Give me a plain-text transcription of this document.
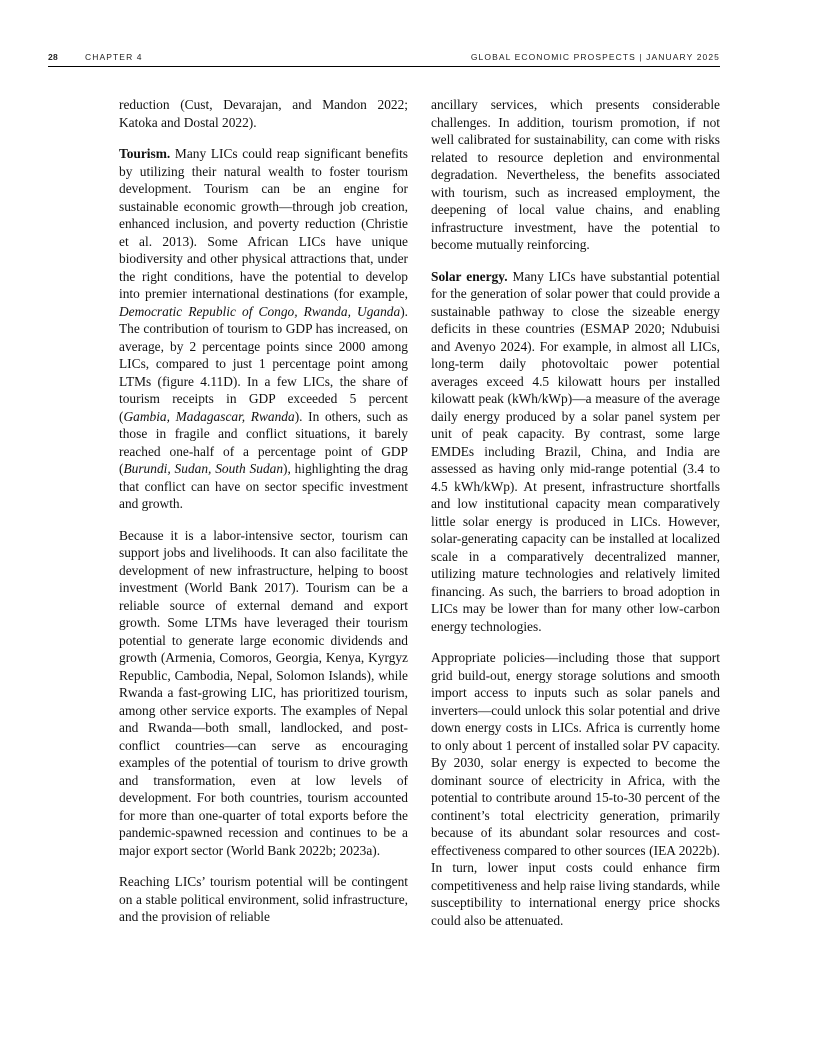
28	CHAPTER 4	GLOBAL ECONOMIC PROSPECTS | JANUARY 2025

reduction (Cust, Devarajan, and Mandon 2022; Katoka and Dostal 2022).

Tourism. Many LICs could reap significant benefits by utilizing their natural wealth to foster tourism development. Tourism can be an engine for sustainable economic growth—through job creation, enhanced inclusion, and poverty reduction (Christie et al. 2013). Some African LICs have unique biodiversity and other physical attractions that, under the right conditions, have the potential to develop into premier international destinations (for example, Democratic Republic of Congo, Rwanda, Uganda). The contribution of tourism to GDP has increased, on average, by 2 percentage points since 2000 among LICs, compared to just 1 percentage point among LTMs (figure 4.11D). In a few LICs, the share of tourism receipts in GDP exceeded 5 percent (Gambia, Madagascar, Rwanda). In others, such as those in fragile and conflict situations, it barely reached one-half of a percentage point of GDP (Burundi, Sudan, South Sudan), highlighting the drag that conflict can have on sector specific investment and growth.

Because it is a labor-intensive sector, tourism can support jobs and livelihoods. It can also facilitate the development of new infrastructure, helping to boost investment (World Bank 2017). Tourism can be a reliable source of external demand and export growth. Some LTMs have leveraged their tourism potential to generate large economic dividends and growth (Armenia, Comoros, Georgia, Kenya, Kyrgyz Republic, Cambodia, Nepal, Solomon Islands), while Rwanda a fast-growing LIC, has prioritized tourism, among other service exports. The examples of Nepal and Rwanda—both small, landlocked, and post-conflict countries—can serve as encouraging examples of the potential of tourism to drive growth and transformation, even at low levels of development. For both countries, tourism accounted for more than one-quarter of total exports before the pandemic-spawned recession and continues to be a major export sector (World Bank 2022b; 2023a).

Reaching LICs’ tourism potential will be contingent on a stable political environment, solid infrastructure, and the provision of reliable

ancillary services, which presents considerable challenges. In addition, tourism promotion, if not well calibrated for sustainability, can come with risks related to resource depletion and environmental degradation. Nevertheless, the benefits associated with tourism, such as increased employment, the deepening of local value chains, and enabling infrastructure investment, have the potential to become mutually reinforcing.

Solar energy. Many LICs have substantial potential for the generation of solar power that could provide a sustainable pathway to close the sizeable energy deficits in these countries (ESMAP 2020; Ndubuisi and Avenyo 2024). For example, in almost all LICs, long-term daily photovoltaic power potential averages exceed 4.5 kilowatt hours per installed kilowatt peak (kWh/kWp)—a measure of the average daily energy produced by a solar panel system per unit of peak capacity. By contrast, some large EMDEs including Brazil, China, and India are assessed as having only mid-range potential (3.4 to 4.5 kWh/kWp). At present, infrastructure shortfalls and low institutional capacity mean comparatively little solar energy is produced in LICs. However, solar-generating capacity can be installed at localized scale in a comparatively decentralized manner, utilizing mature technologies and relatively limited financing. As such, the barriers to broad adoption in LICs may be lower than for many other low-carbon energy technologies.

Appropriate policies—including those that support grid build-out, energy storage solutions and smooth import access to inputs such as solar panels and inverters—could unlock this solar potential and drive down energy costs in LICs. Africa is currently home to only about 1 percent of installed solar PV capacity. By 2030, solar energy is expected to become the dominant source of electricity in Africa, with the potential to contribute around 15-to-30 percent of the continent’s total electricity generation, primarily because of its abundant solar resources and cost-effectiveness compared to other sources (IEA 2022b). In turn, lower input costs could enhance firm competitiveness and help raise living standards, while susceptibility to international energy price shocks could also be attenuated.
